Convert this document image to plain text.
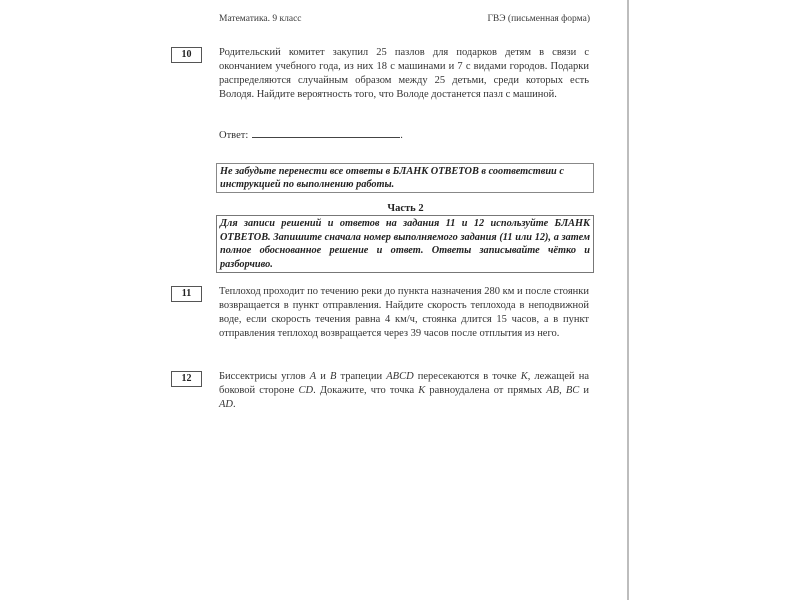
Математика. 9 класс	ГВЭ (письменная форма)
10	Родительский комитет закупил 25 пазлов для подарков детям в связи с окончанием учебного года, из них 18 с машинами и 7 с видами городов. Подарки распределяются случайным образом между 25 детьми, среди которых есть Володя. Найдите вероятность того, что Володе достанется пазл с машиной.
Ответ:	.
Не забудьте перенести все ответы в БЛАНК ОТВЕТОВ в соответствии с инструкцией по выполнению работы.
Часть 2
Для записи решений и ответов на задания 11 и 12 используйте БЛАНК ОТВЕТОВ. Запишите сначала номер выполняемого задания (11 или 12), а затем полное обоснованное решение и ответ. Ответы записывайте чётко и разборчиво.
11	Теплоход проходит по течению реки до пункта назначения 280 км и после стоянки возвращается в пункт отправления. Найдите скорость теплохода в неподвижной воде, если скорость течения равна 4 км/ч, стоянка длится 15 часов, а в пункт отправления теплоход возвращается через 39 часов после отплытия из него.
12	Биссектрисы углов A и B трапеции ABCD пересекаются в точке K, лежащей на боковой стороне CD. Докажите, что точка K равноудалена от прямых AB, BC и AD.
